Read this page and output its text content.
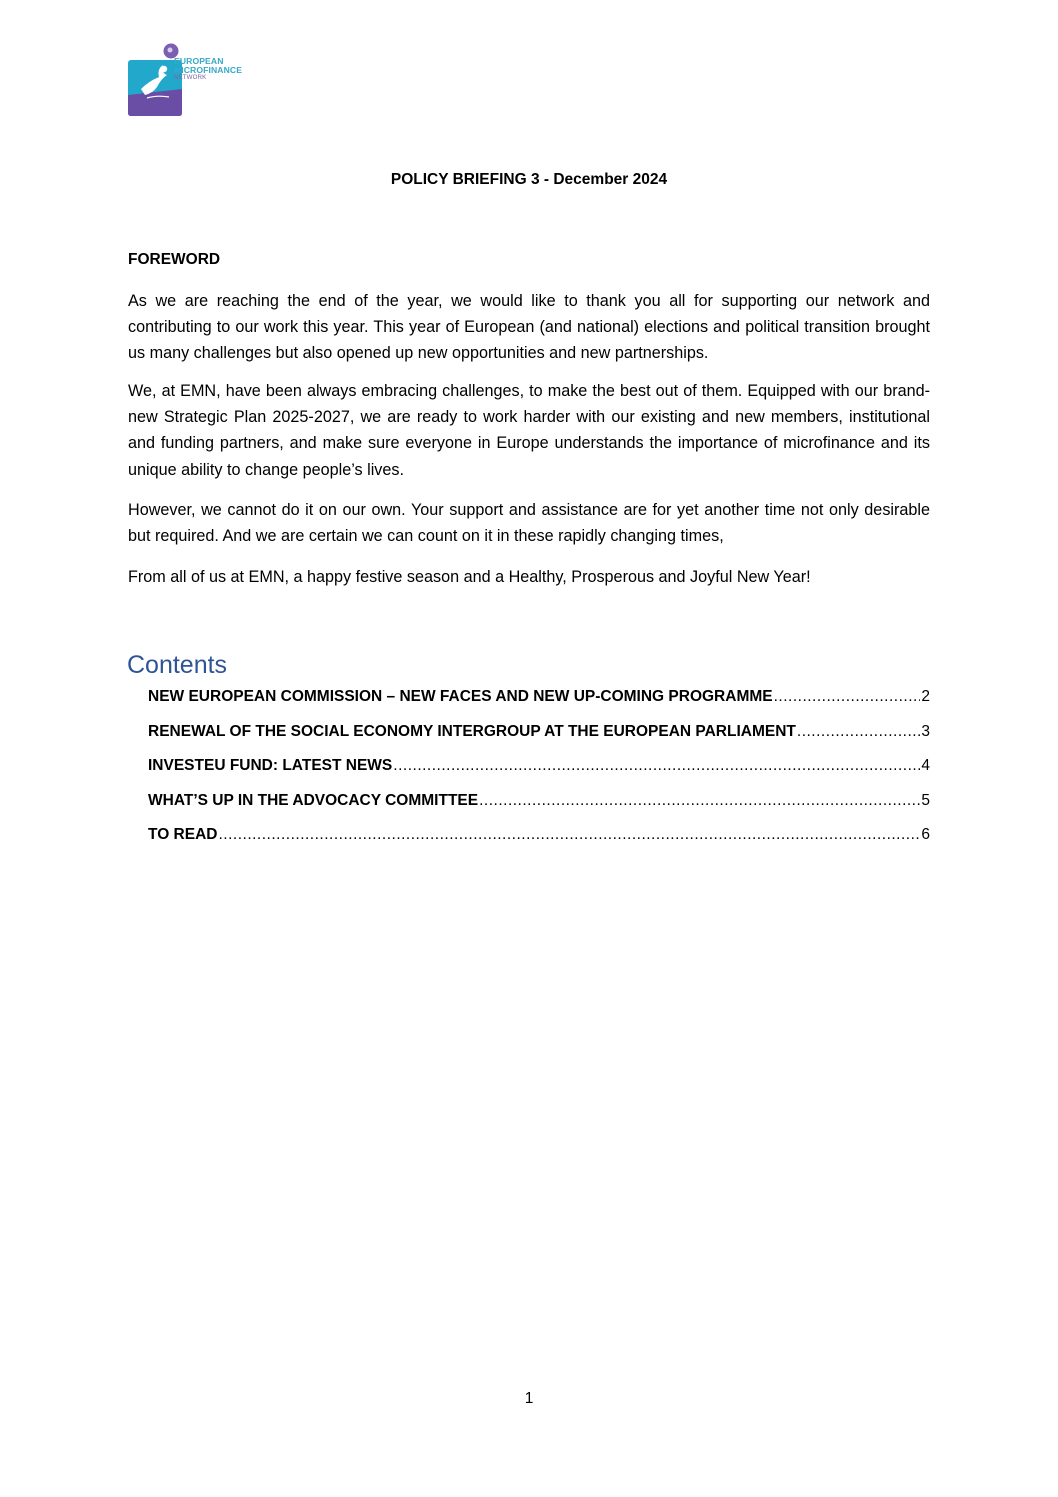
EUROPEAN
MICROFINANCE
NETWORK
POLICY BRIEFING 3 - December 2024
FOREWORD

As we are reaching the end of the year, we would like to thank you all for supporting our network and contributing to our work this year. This year of European (and national) elections and political transition brought us many challenges but also opened up new opportunities and new partnerships.

We, at EMN, have been always embracing challenges, to make the best out of them. Equipped with our brand-new Strategic Plan 2025-2027, we are ready to work harder with our existing and new members, institutional and funding partners, and make sure everyone in Europe understands the importance of microfinance and its unique ability to change people’s lives.

However, we cannot do it on our own. Your support and assistance are for yet another time not only desirable but required. And we are certain we can count on it in these rapidly changing times,

From all of us at EMN, a happy festive season and a Healthy, Prosperous and Joyful New Year!

Contents
NEW EUROPEAN COMMISSION – NEW FACES AND NEW UP-COMING PROGRAMME .....	2
RENEWAL OF THE SOCIAL ECONOMY INTERGROUP AT THE EUROPEAN PARLIAMENT .....	3
INVESTEU FUND: LATEST NEWS .....	4
WHAT’S UP IN THE ADVOCACY COMMITTEE .....	5
TO READ .....	6
1
